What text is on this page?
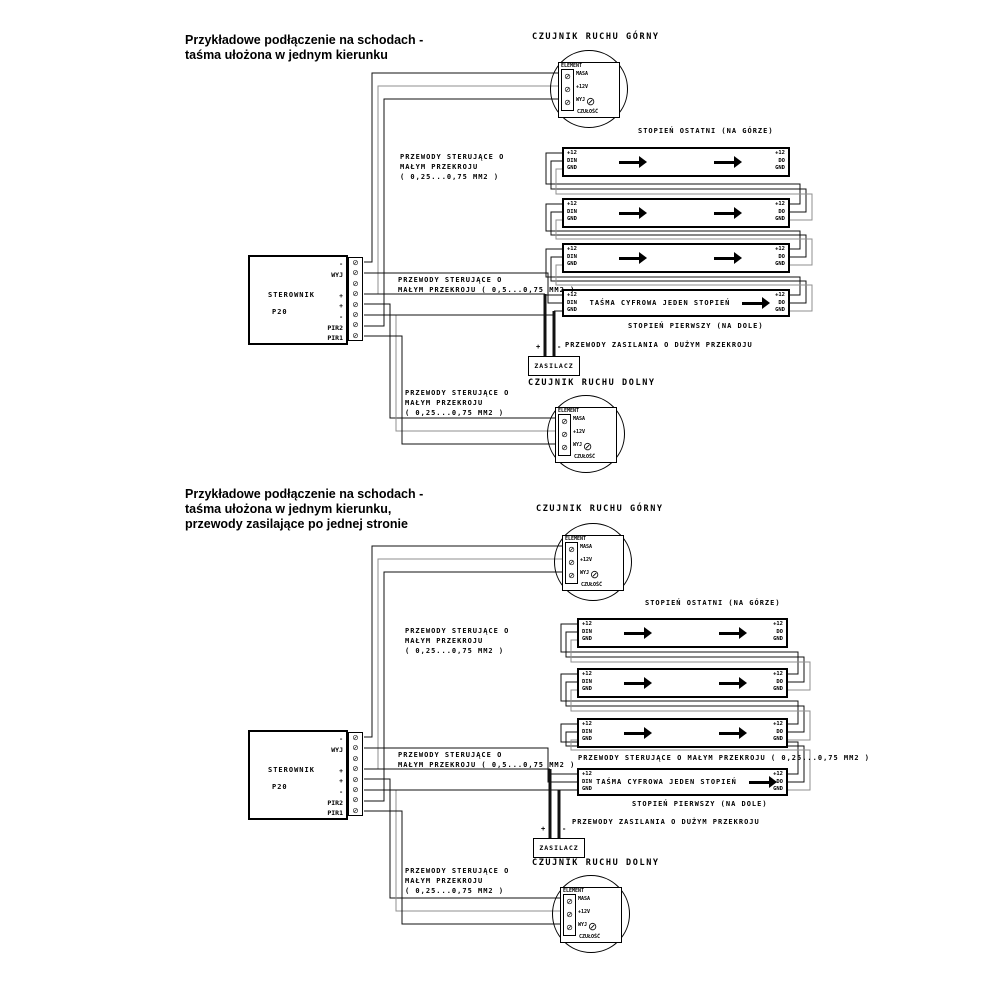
Przykładowe podłączenie na schodach -
taśma ułożona w jednym kierunku
CZUJNIK RUCHU GÓRNY
ELEMENT
⊘
⊘
⊘
MASA
+12V
WYJ ⊘
CZUŁOŚĆ
STOPIEŃ OSTATNI (NA GÓRZE)
PRZEWODY STERUJĄCE O
MAŁYM PRZEKROJU
( 0,25...0,75 MM2 )
PRZEWODY STERUJĄCE O
MAŁYM PRZEKROJU ( 0,5...0,75 MM2 )
PRZEWODY ZASILANIA O DUŻYM PRZEKROJU
PRZEWODY STERUJĄCE O
MAŁYM PRZEKROJU
( 0,25...0,75 MM2 )
+12
DIN
GND
+12
DO
GND
+12
DIN
GND
+12
DO
GND
+12
DIN
GND
+12
DO
GND
+12
DIN
GND
TAŚMA CYFROWA JEDEN STOPIEŃ
+12
DO
GND
STOPIEŃ PIERWSZY (NA DOLE)
STEROWNIK
P20
-
WYJ
+
+
-
PIR2
PIR1
⊘
⊘
⊘
⊘
⊘
⊘
⊘
⊘
+ -
ZASILACZ
CZUJNIK RUCHU DOLNY
ELEMENT
⊘
⊘
⊘
MASA
+12V
WYJ ⊘
CZUŁOŚĆ
Przykładowe podłączenie na schodach -
taśma ułożona w jednym kierunku,
przewody zasilające po jednej stronie
CZUJNIK RUCHU GÓRNY
ELEMENT
⊘
⊘
⊘
MASA
+12V
WYJ ⊘
CZUŁOŚĆ
STOPIEŃ OSTATNI (NA GÓRZE)
PRZEWODY STERUJĄCE O
MAŁYM PRZEKROJU
( 0,25...0,75 MM2 )
PRZEWODY STERUJĄCE O
MAŁYM PRZEKROJU ( 0,5...0,75 MM2 )
PRZEWODY STERUJĄCE O MAŁYM PRZEKROJU ( 0,25...0,75 MM2 )
PRZEWODY ZASILANIA O DUŻYM PRZEKROJU
PRZEWODY STERUJĄCE O
MAŁYM PRZEKROJU
( 0,25...0,75 MM2 )
+12
DIN
GND
+12
DO
GND
+12
DIN
GND
+12
DO
GND
+12
DIN
GND
+12
DO
GND
+12
DIN
GND
TAŚMA CYFROWA JEDEN STOPIEŃ
+12
DO
GND
STOPIEŃ PIERWSZY (NA DOLE)
STEROWNIK
P20
-
WYJ
+
+
-
PIR2
PIR1
⊘
⊘
⊘
⊘
⊘
⊘
⊘
⊘
+ -
ZASILACZ
CZUJNIK RUCHU DOLNY
ELEMENT
⊘
⊘
⊘
MASA
+12V
WYJ ⊘
CZUŁOŚĆ
